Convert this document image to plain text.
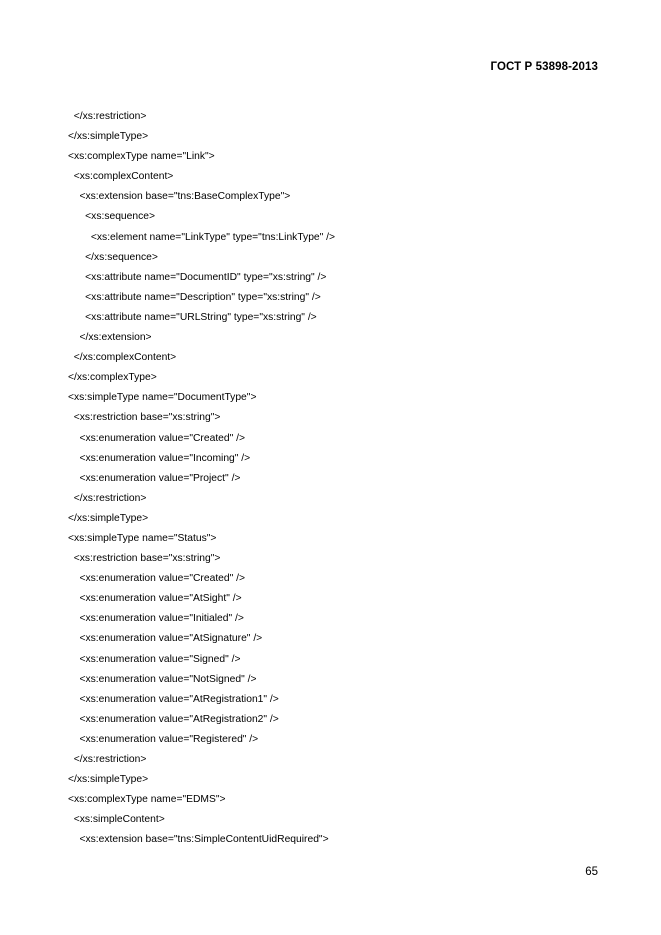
ГОСТ Р 53898-2013
</xs:restriction>
</xs:simpleType>
<xs:complexType name="Link">
<xs:complexContent>
<xs:extension base="tns:BaseComplexType">
<xs:sequence>
<xs:element name="LinkType" type="tns:LinkType" />
</xs:sequence>
<xs:attribute name="DocumentID" type="xs:string" />
<xs:attribute name="Description" type="xs:string" />
<xs:attribute name="URLString" type="xs:string" />
</xs:extension>
</xs:complexContent>
</xs:complexType>
<xs:simpleType name="DocumentType">
<xs:restriction base="xs:string">
<xs:enumeration value="Created" />
<xs:enumeration value="Incoming" />
<xs:enumeration value="Project" />
</xs:restriction>
</xs:simpleType>
<xs:simpleType name="Status">
<xs:restriction base="xs:string">
<xs:enumeration value="Created" />
<xs:enumeration value="AtSight" />
<xs:enumeration value="Initialed" />
<xs:enumeration value="AtSignature" />
<xs:enumeration value="Signed" />
<xs:enumeration value="NotSigned" />
<xs:enumeration value="AtRegistration1" />
<xs:enumeration value="AtRegistration2" />
<xs:enumeration value="Registered" />
</xs:restriction>
</xs:simpleType>
<xs:complexType name="EDMS">
<xs:simpleContent>
<xs:extension base="tns:SimpleContentUidRequired">
65
